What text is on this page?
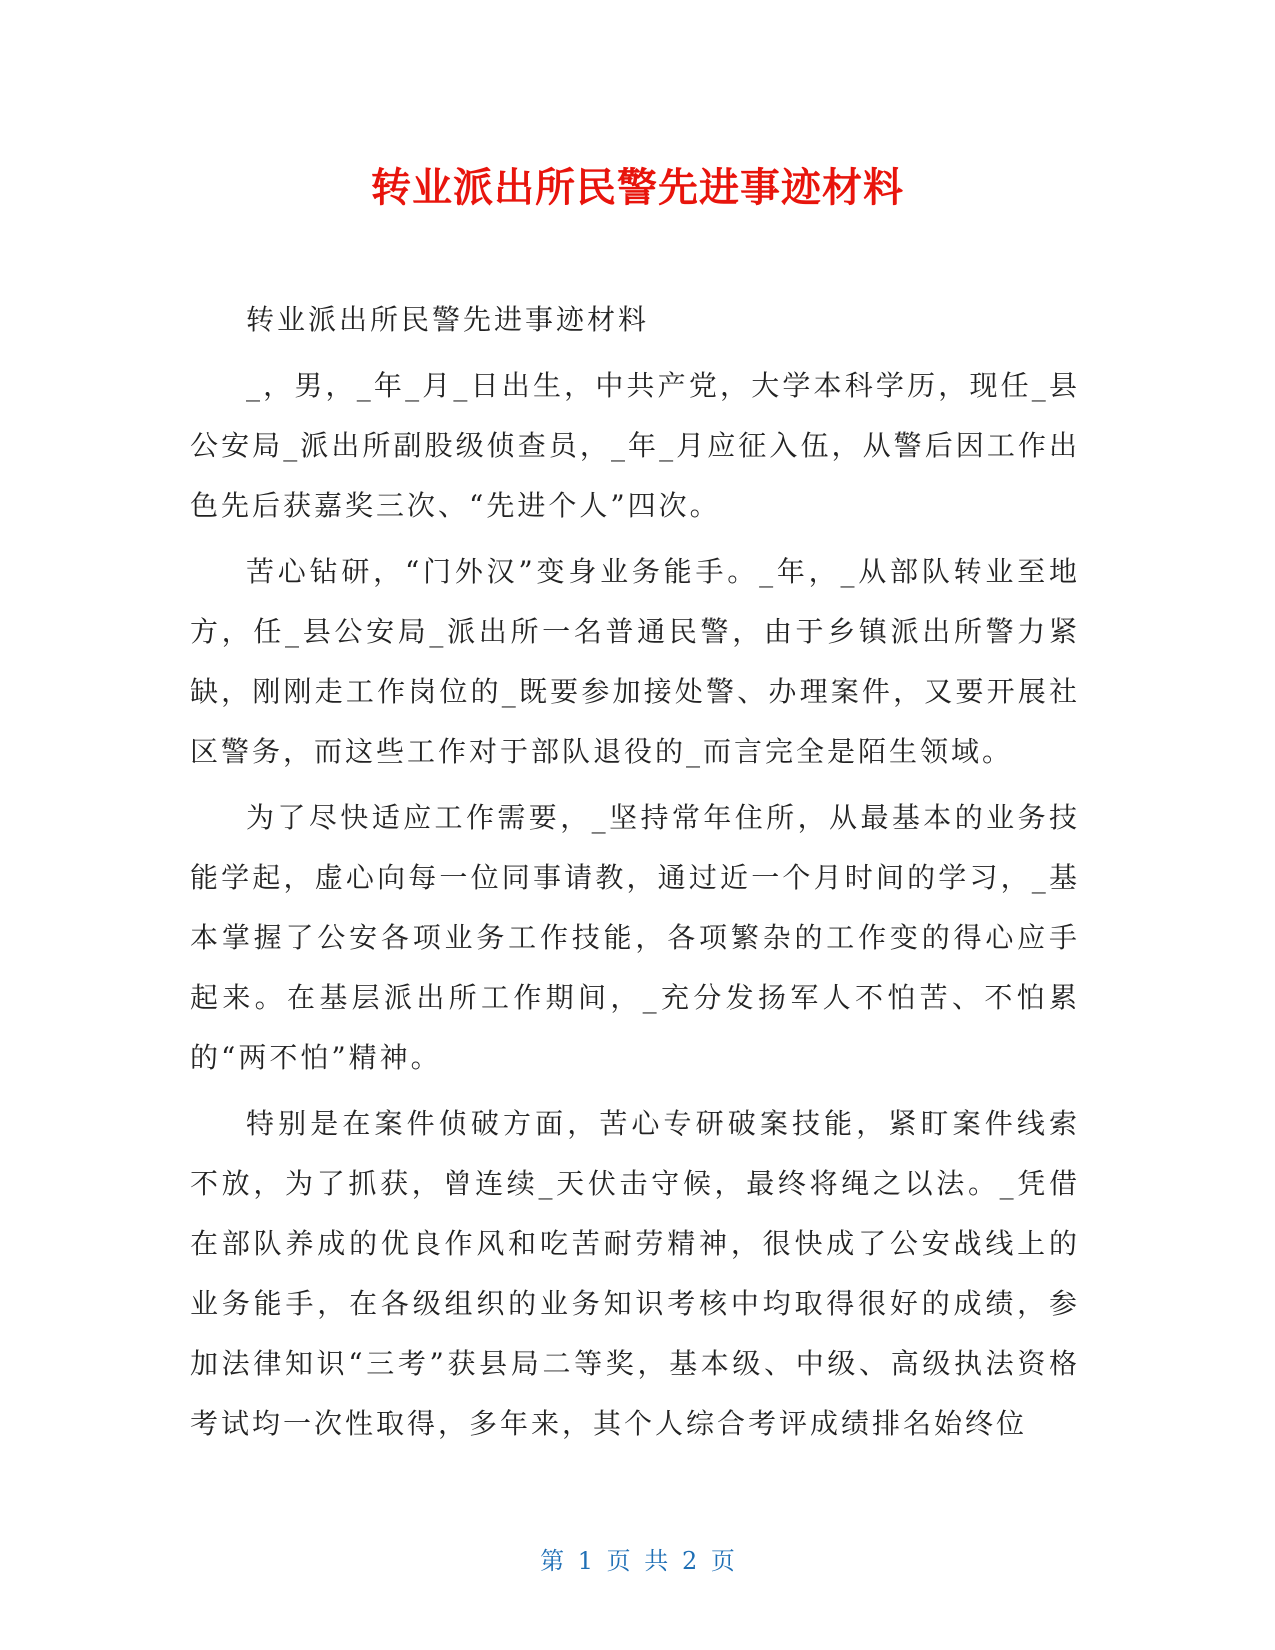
转业派出所民警先进事迹材料

转业派出所民警先进事迹材料

_，男，_年_月_日出生，中共产党，大学本科学历，现任_县公安局_派出所副股级侦查员，_年_月应征入伍，从警后因工作出色先后获嘉奖三次、“先进个人”四次。

苦心钻研，“门外汉”变身业务能手。_年，_从部队转业至地方，任_县公安局_派出所一名普通民警，由于乡镇派出所警力紧缺，刚刚走工作岗位的_既要参加接处警、办理案件，又要开展社区警务，而这些工作对于部队退役的_而言完全是陌生领域。

为了尽快适应工作需要，_坚持常年住所，从最基本的业务技能学起，虚心向每一位同事请教，通过近一个月时间的学习，_基本掌握了公安各项业务工作技能，各项繁杂的工作变的得心应手起来。在基层派出所工作期间，_充分发扬军人不怕苦、不怕累的“两不怕”精神。

特别是在案件侦破方面，苦心专研破案技能，紧盯案件线索不放，为了抓获，曾连续_天伏击守候，最终将绳之以法。_凭借在部队养成的优良作风和吃苦耐劳精神，很快成了公安战线上的业务能手，在各级组织的业务知识考核中均取得很好的成绩，参加法律知识“三考”获县局二等奖，基本级、中级、高级执法资格考试均一次性取得，多年来，其个人综合考评成绩排名始终位

第 1 页 共 2 页
